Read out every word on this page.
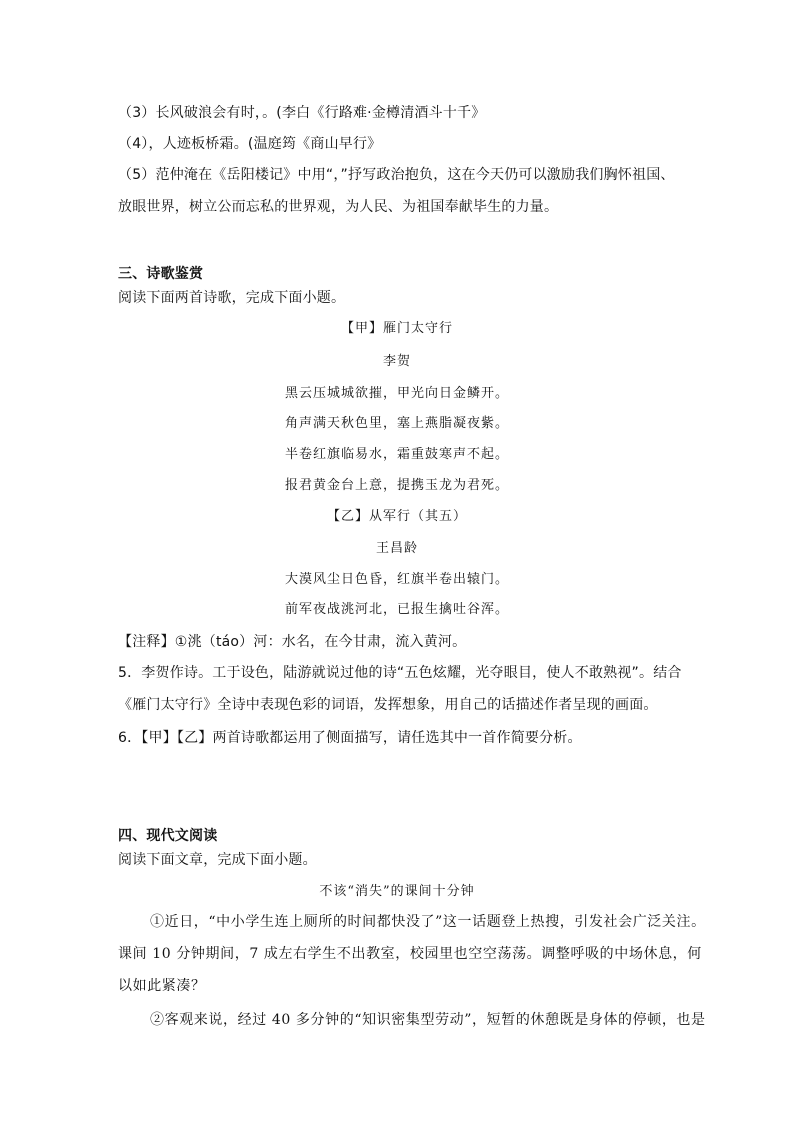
（3）长风破浪会有时，。(李白《行路难·金樽清酒斗十千》
（4），人迹板桥霜。(温庭筠《商山早行》
（5）范仲淹在《岳阳楼记》中用“，”抒写政治抱负，这在今天仍可以激励我们胸怀祖国、
放眼世界，树立公而忘私的世界观，为人民、为祖国奉献毕生的力量。
三、诗歌鉴赏
阅读下面两首诗歌，完成下面小题。
【甲】雁门太守行
李贺
黑云压城城欲摧，甲光向日金鳞开。
角声满天秋色里，塞上燕脂凝夜紫。
半卷红旗临易水，霜重鼓寒声不起。
报君黄金台上意，提携玉龙为君死。
【乙】从军行（其五）
王昌龄
大漠风尘日色昏，红旗半卷出辕门。
前军夜战洮河北，已报生擒吐谷浑。
【注释】①洮（táo）河：水名，在今甘肃，流入黄河。
5．李贺作诗。工于设色，陆游就说过他的诗“五色炫耀，光夺眼目，使人不敢熟视”。结合
《雁门太守行》全诗中表现色彩的词语，发挥想象，用自己的话描述作者呈现的画面。
6．【甲】【乙】两首诗歌都运用了侧面描写，请任选其中一首作简要分析。
四、现代文阅读
阅读下面文章，完成下面小题。
不该“消失”的课间十分钟
①近日，“中小学生连上厕所的时间都快没了”这一话题登上热搜，引发社会广泛关注。
课间 10 分钟期间，7 成左右学生不出教室，校园里也空空荡荡。调整呼吸的中场休息，何
以如此紧凑？
②客观来说，经过 40 多分钟的“知识密集型劳动”，短暂的休憩既是身体的停顿，也是
